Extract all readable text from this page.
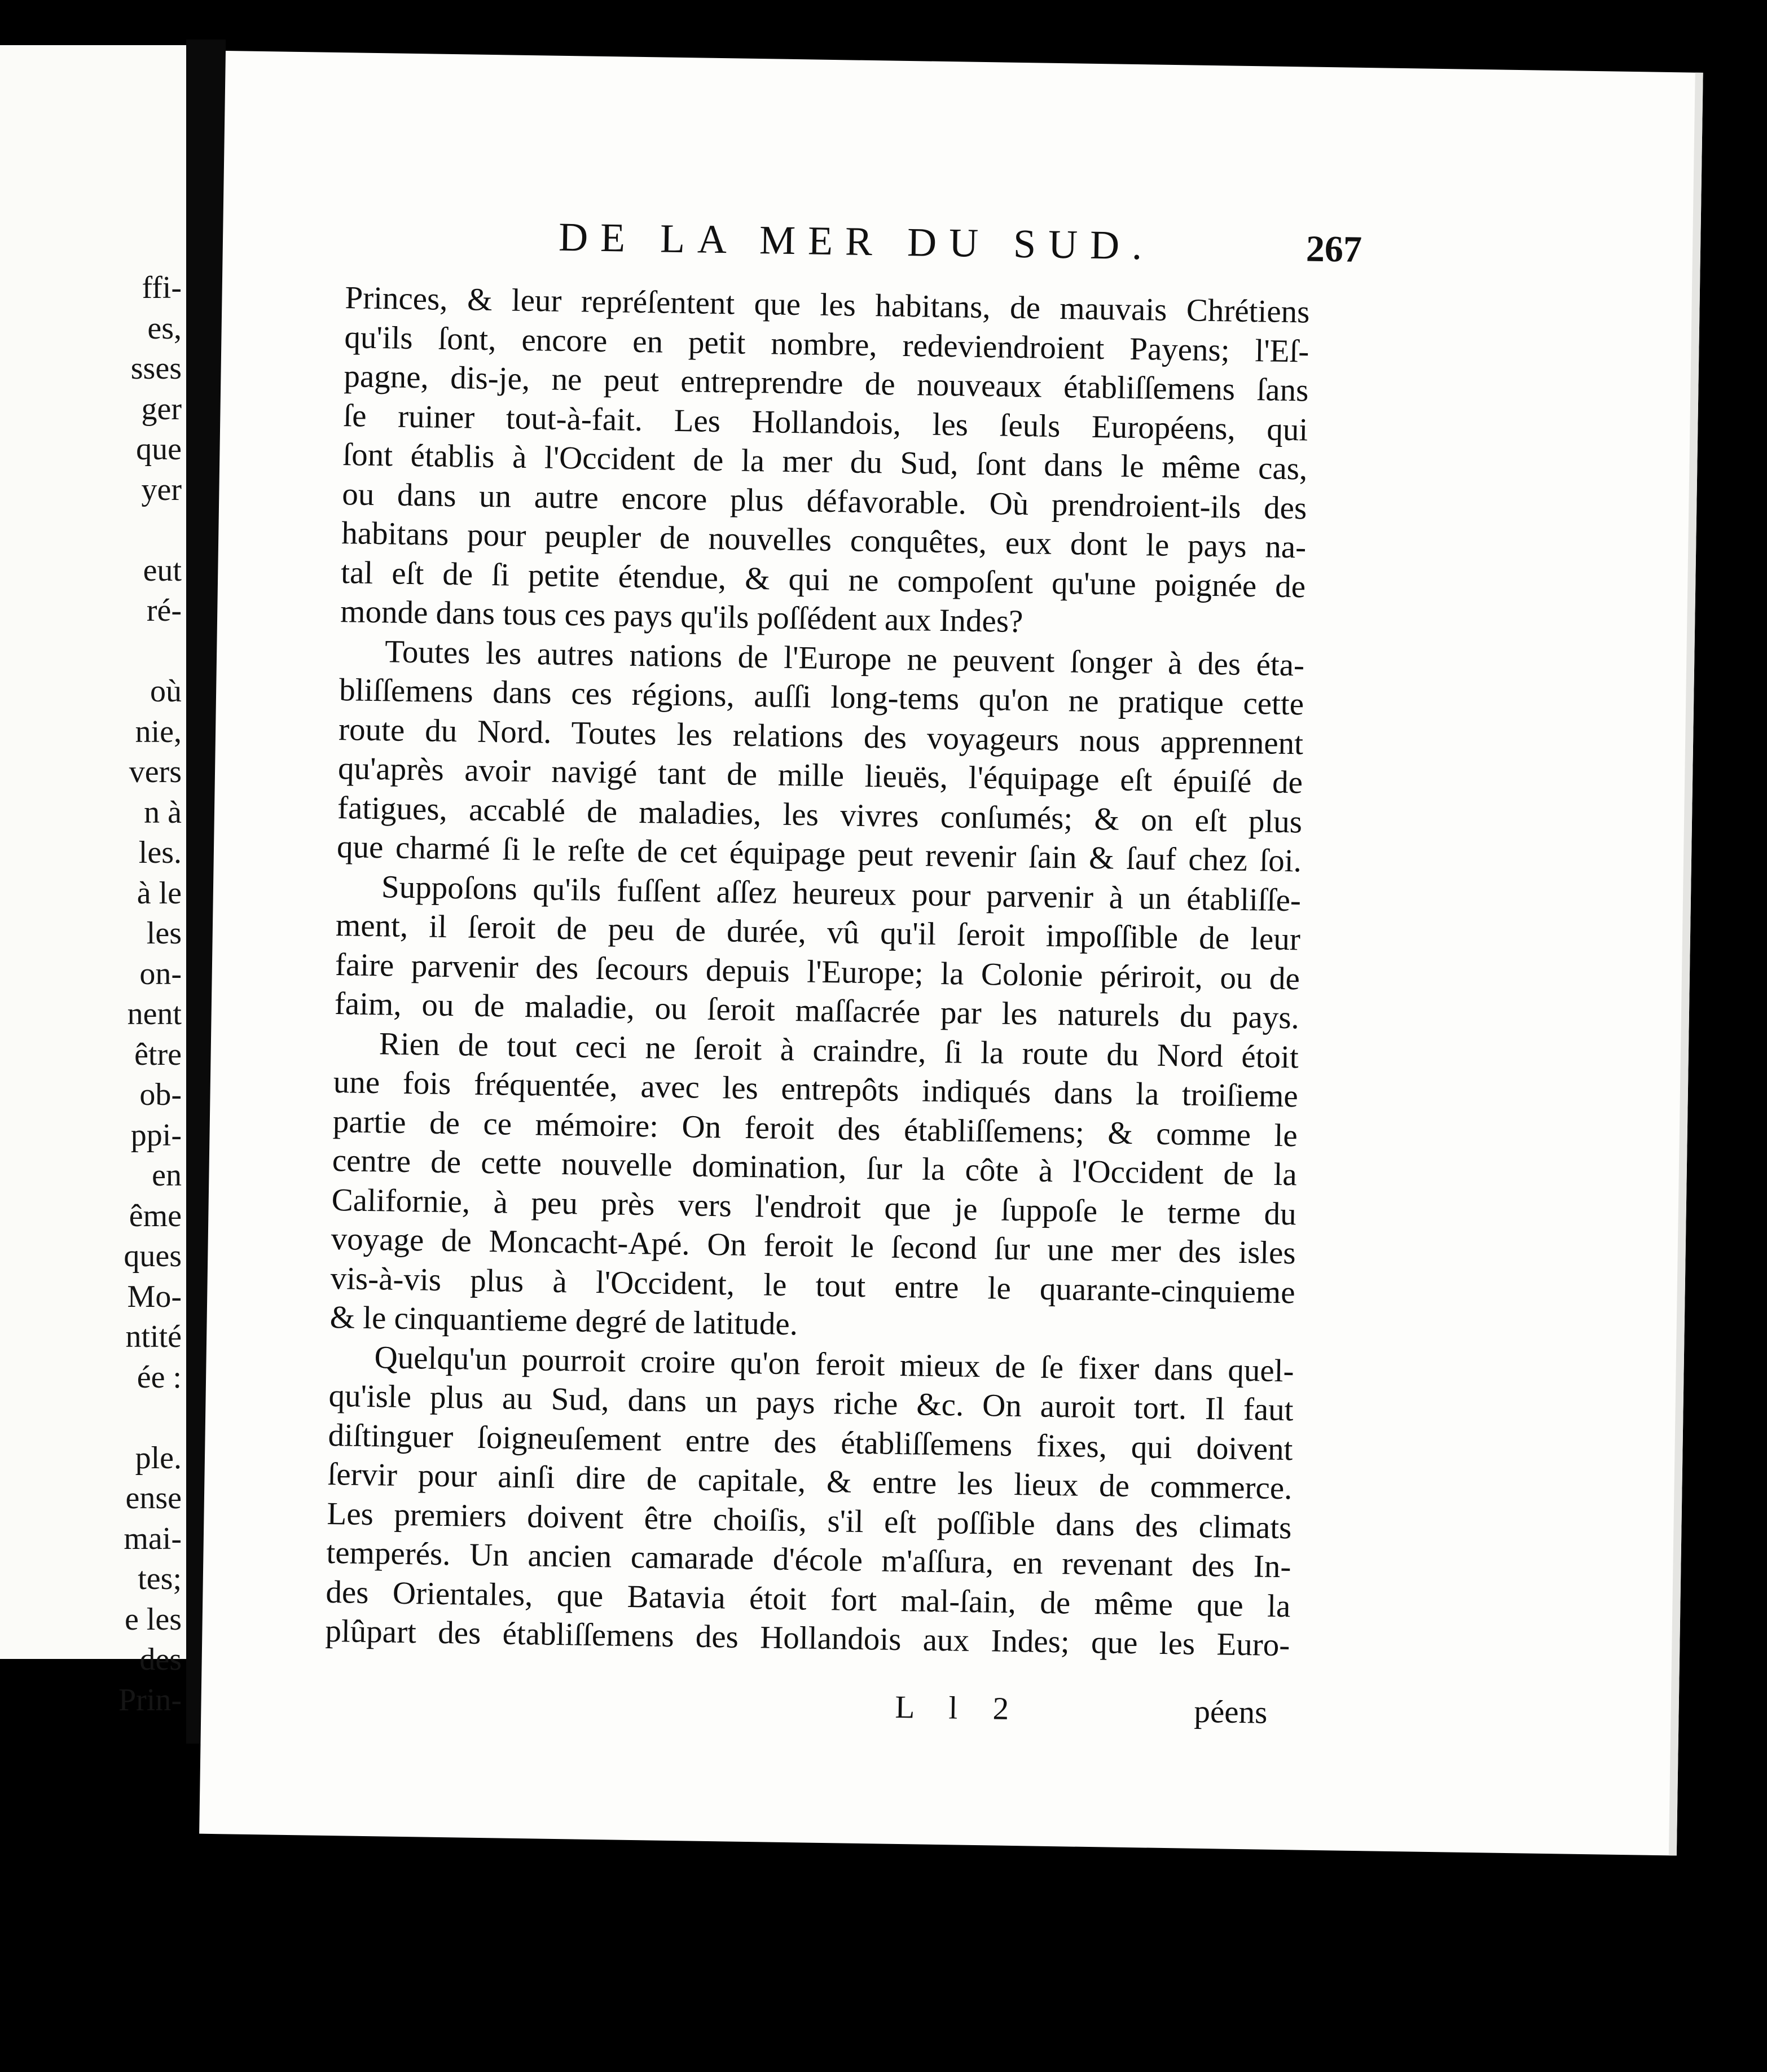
ffi-
es,
sses
ger
que
yer
eut
ré-
où
nie,
vers
n à
les.
à le
les
on-
nent
être
ob-
ppi-
en
ême
ques
Mo-
ntité
ée :
ple.
ense
mai-
tes;
e les
des
Prin-
DE LA MER DU SUD.	267
Princes, & leur repréſentent que les habitans, de mauvais Chrétiens
qu'ils ſont, encore en petit nombre, redeviendroient Payens; l'Eſ-
pagne, dis-je, ne peut entreprendre de nouveaux établiſſemens ſans
ſe ruiner tout-à-fait. Les Hollandois, les ſeuls Européens, qui
ſont établis à l'Occident de la mer du Sud, ſont dans le même cas,
ou dans un autre encore plus défavorable. Où prendroient-ils des
habitans pour peupler de nouvelles conquêtes, eux dont le pays na-
tal eſt de ſi petite étendue, & qui ne compoſent qu'une poignée de
monde dans tous ces pays qu'ils poſſédent aux Indes?
Toutes les autres nations de l'Europe ne peuvent ſonger à des éta-
bliſſemens dans ces régions, auſſi long-tems qu'on ne pratique cette
route du Nord. Toutes les relations des voyageurs nous apprennent
qu'après avoir navigé tant de mille lieuës, l'équipage eſt épuiſé de
fatigues, accablé de maladies, les vivres conſumés; & on eſt plus
que charmé ſi le reſte de cet équipage peut revenir ſain & ſauf chez ſoi.
Suppoſons qu'ils fuſſent aſſez heureux pour parvenir à un établiſſe-
ment, il ſeroit de peu de durée, vû qu'il ſeroit impoſſible de leur
faire parvenir des ſecours depuis l'Europe; la Colonie périroit, ou de
faim, ou de maladie, ou ſeroit maſſacrée par les naturels du pays.
Rien de tout ceci ne ſeroit à craindre, ſi la route du Nord étoit
une fois fréquentée, avec les entrepôts indiqués dans la troiſieme
partie de ce mémoire: On feroit des établiſſemens; & comme le
centre de cette nouvelle domination, ſur la côte à l'Occident de la
Californie, à peu près vers l'endroit que je ſuppoſe le terme du
voyage de Moncacht-Apé. On feroit le ſecond ſur une mer des isles
vis-à-vis plus à l'Occident, le tout entre le quarante-cinquieme
& le cinquantieme degré de latitude.
Quelqu'un pourroit croire qu'on feroit mieux de ſe fixer dans quel-
qu'isle plus au Sud, dans un pays riche &c. On auroit tort. Il faut
diſtinguer ſoigneuſement entre des établiſſemens fixes, qui doivent
ſervir pour ainſi dire de capitale, & entre les lieux de commerce.
Les premiers doivent être choiſis, s'il eſt poſſible dans des climats
temperés. Un ancien camarade d'école m'aſſura, en revenant des In-
des Orientales, que Batavia étoit fort mal-ſain, de même que la
plûpart des établiſſemens des Hollandois aux Indes; que les Euro-
L l 2	péens
